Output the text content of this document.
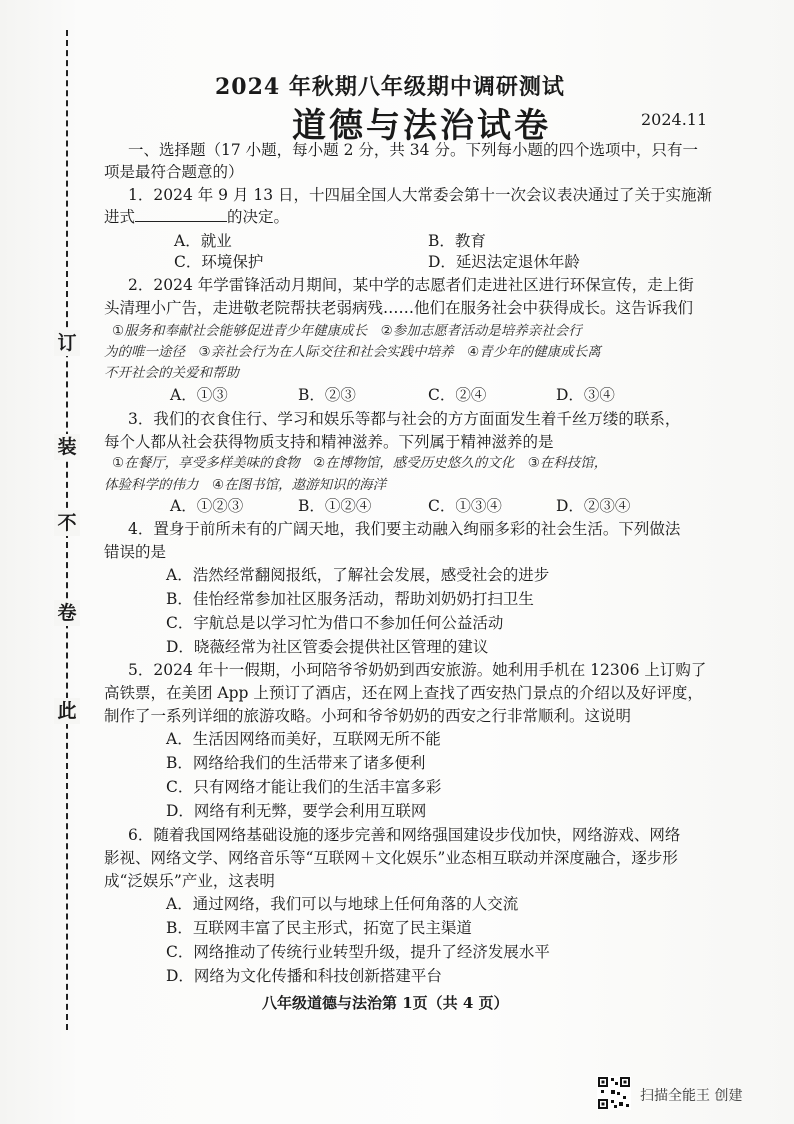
订
装
不
卷
此
2024 年秋期八年级期中调研测试
道德与法治试卷	2024.11
一、选择题（17 小题，每小题 2 分，共 34 分。下列每小题的四个选项中，只有一
项是最符合题意的）
1．2024 年 9 月 13 日，十四届全国人大常委会第十一次会议表决通过了关于实施渐
进式	的决定。
A．就业	B．教育
C．环境保护	D．延迟法定退休年龄
2．2024 年学雷锋活动月期间，某中学的志愿者们走进社区进行环保宣传，走上街
头清理小广告，走进敬老院帮扶老弱病残……他们在服务社会中获得成长。这告诉我们
①服务和奉献社会能够促进青少年健康成长　②参加志愿者活动是培养亲社会行
为的唯一途径　③亲社会行为在人际交往和社会实践中培养　④青少年的健康成长离
不开社会的关爱和帮助
A．①③	B．②③	C．②④	D．③④
3．我们的衣食住行、学习和娱乐等都与社会的方方面面发生着千丝万缕的联系，
每个人都从社会获得物质支持和精神滋养。下列属于精神滋养的是
①在餐厅，享受多样美味的食物　②在博物馆，感受历史悠久的文化　③在科技馆，
体验科学的伟力　④在图书馆，遨游知识的海洋
A．①②③	B．①②④	C．①③④	D．②③④
4．置身于前所未有的广阔天地，我们要主动融入绚丽多彩的社会生活。下列做法
错误的是
A．浩然经常翻阅报纸，了解社会发展，感受社会的进步
B．佳怡经常参加社区服务活动，帮助刘奶奶打扫卫生
C．宇航总是以学习忙为借口不参加任何公益活动
D．晓薇经常为社区管委会提供社区管理的建议
5．2024 年十一假期，小珂陪爷爷奶奶到西安旅游。她利用手机在 12306 上订购了
高铁票，在美团 App 上预订了酒店，还在网上查找了西安热门景点的介绍以及好评度，
制作了一系列详细的旅游攻略。小珂和爷爷奶奶的西安之行非常顺利。这说明
A．生活因网络而美好，互联网无所不能
B．网络给我们的生活带来了诸多便利
C．只有网络才能让我们的生活丰富多彩
D．网络有利无弊，要学会利用互联网
6．随着我国网络基础设施的逐步完善和网络强国建设步伐加快，网络游戏、网络
影视、网络文学、网络音乐等“互联网＋文化娱乐”业态相互联动并深度融合，逐步形
成“泛娱乐”产业，这表明
A．通过网络，我们可以与地球上任何角落的人交流
B．互联网丰富了民主形式，拓宽了民主渠道
C．网络推动了传统行业转型升级，提升了经济发展水平
D．网络为文化传播和科技创新搭建平台
八年级道德与法治第 1页（共 4 页）
扫描全能王 创建
